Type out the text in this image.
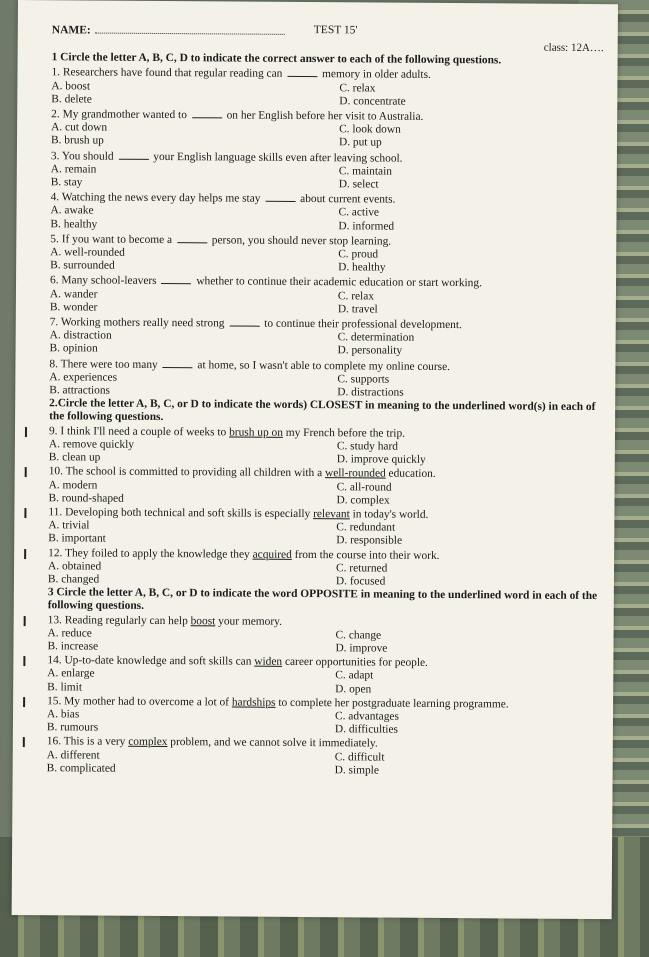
NAME:	TEST 15'
class: 12A….
1 Circle the letter A, B, C, D to indicate the correct answer to each of the following questions.
1. Researchers have found that regular reading can	memory in older adults.
A. boost	C. relax
B. delete	D. concentrate
2. My grandmother wanted to	on her English before her visit to Australia.
A. cut down	C. look down
B. brush up	D. put up
3. You should	your English language skills even after leaving school.
A. remain	C. maintain
B. stay	D. select
4. Watching the news every day helps me stay	about current events.
A. awake	C. active
B. healthy	D. informed
5. If you want to become a	person, you should never stop learning.
A. well-rounded	C. proud
B. surrounded	D. healthy
6. Many school-leavers	whether to continue their academic education or start working.
A. wander	C. relax
B. wonder	D. travel
7. Working mothers really need strong	to continue their professional development.
A. distraction	C. determination
B. opinion	D. personality
8. There were too many	at home, so I wasn't able to complete my online course.
A. experiences	C. supports
B. attractions	D. distractions
2.Circle the letter A, B, C, or D to indicate the words) CLOSEST in meaning to the underlined word(s) in each of the following questions.
9. I think I'll need a couple of weeks to brush up on my French before the trip.
A. remove quickly	C. study hard
B. clean up	D. improve quickly
10. The school is committed to providing all children with a well-rounded education.
A. modern	C. all-round
B. round-shaped	D. complex
11. Developing both technical and soft skills is especially relevant in today's world.
A. trivial	C. redundant
B. important	D. responsible
12. They foiled to apply the knowledge they acquired from the course into their work.
A. obtained	C. returned
B. changed	D. focused
3 Circle the letter A, B, C, or D to indicate the word OPPOSITE in meaning to the underlined word in each of the following questions.
13. Reading regularly can help boost your memory.
A. reduce	C. change
B. increase	D. improve
14. Up-to-date knowledge and soft skills can widen career opportunities for people.
A. enlarge	C. adapt
B. limit	D. open
15. My mother had to overcome a lot of hardships to complete her postgraduate learning programme.
A. bias	C. advantages
B. rumours	D. difficulties
16. This is a very complex problem, and we cannot solve it immediately.
A. different	C. difficult
B. complicated	D. simple
